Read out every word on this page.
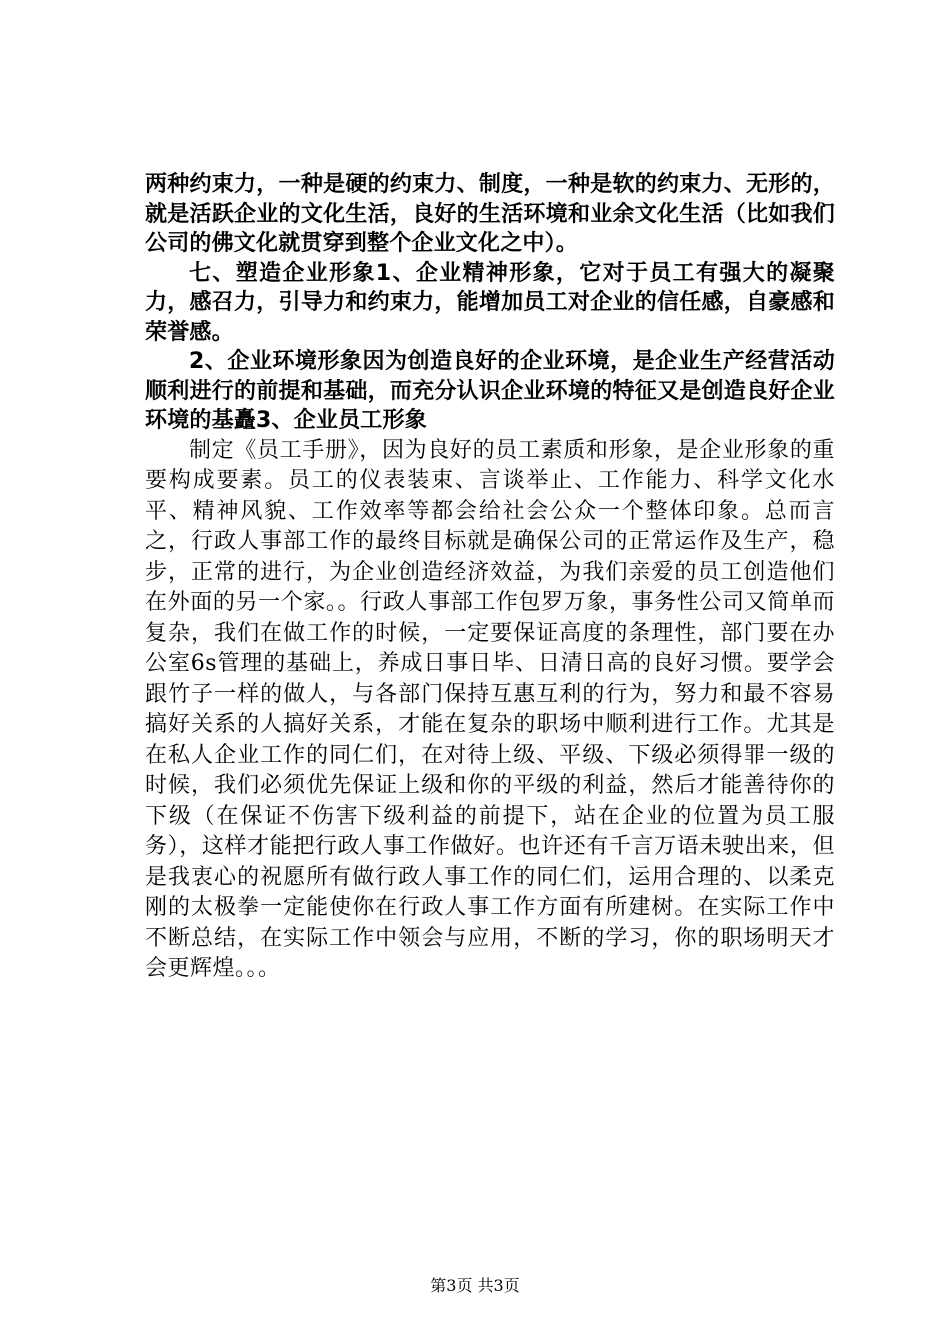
两种约束力，一种是硬的约束力、制度，一种是软的约束力、无形的，就是活跃企业的文化生活，良好的生活环境和业余文化生活（比如我们公司的佛文化就贯穿到整个企业文化之中）。

七、塑造企业形象1、企业精神形象，它对于员工有强大的凝聚力，感召力，引导力和约束力，能增加员工对企业的信任感，自豪感和荣誉感。

2、企业环境形象因为创造良好的企业环境，是企业生产经营活动顺利进行的前提和基础，而充分认识企业环境的特征又是创造良好企业环境的基矗3、企业员工形象

制定《员工手册》，因为良好的员工素质和形象，是企业形象的重要构成要素。员工的仪表装束、言谈举止、工作能力、科学文化水平、精神风貌、工作效率等都会给社会公众一个整体印象。总而言之，行政人事部工作的最终目标就是确保公司的正常运作及生产，稳步，正常的进行，为企业创造经济效益，为我们亲爱的员工创造他们在外面的另一个家。。行政人事部工作包罗万象，事务性公司又简单而复杂，我们在做工作的时候，一定要保证高度的条理性，部门要在办公室6s管理的基础上，养成日事日毕、日清日高的良好习惯。要学会跟竹子一样的做人，与各部门保持互惠互利的行为，努力和最不容易搞好关系的人搞好关系，才能在复杂的职场中顺利进行工作。尤其是在私人企业工作的同仁们，在对待上级、平级、下级必须得罪一级的时候，我们必须优先保证上级和你的平级的利益，然后才能善待你的下级（在保证不伤害下级利益的前提下，站在企业的位置为员工服务），这样才能把行政人事工作做好。也许还有千言万语未驶出来，但是我衷心的祝愿所有做行政人事工作的同仁们，运用合理的、以柔克刚的太极拳一定能使你在行政人事工作方面有所建树。在实际工作中不断总结，在实际工作中领会与应用，不断的学习，你的职场明天才会更辉煌。。。

第3页 共3页
